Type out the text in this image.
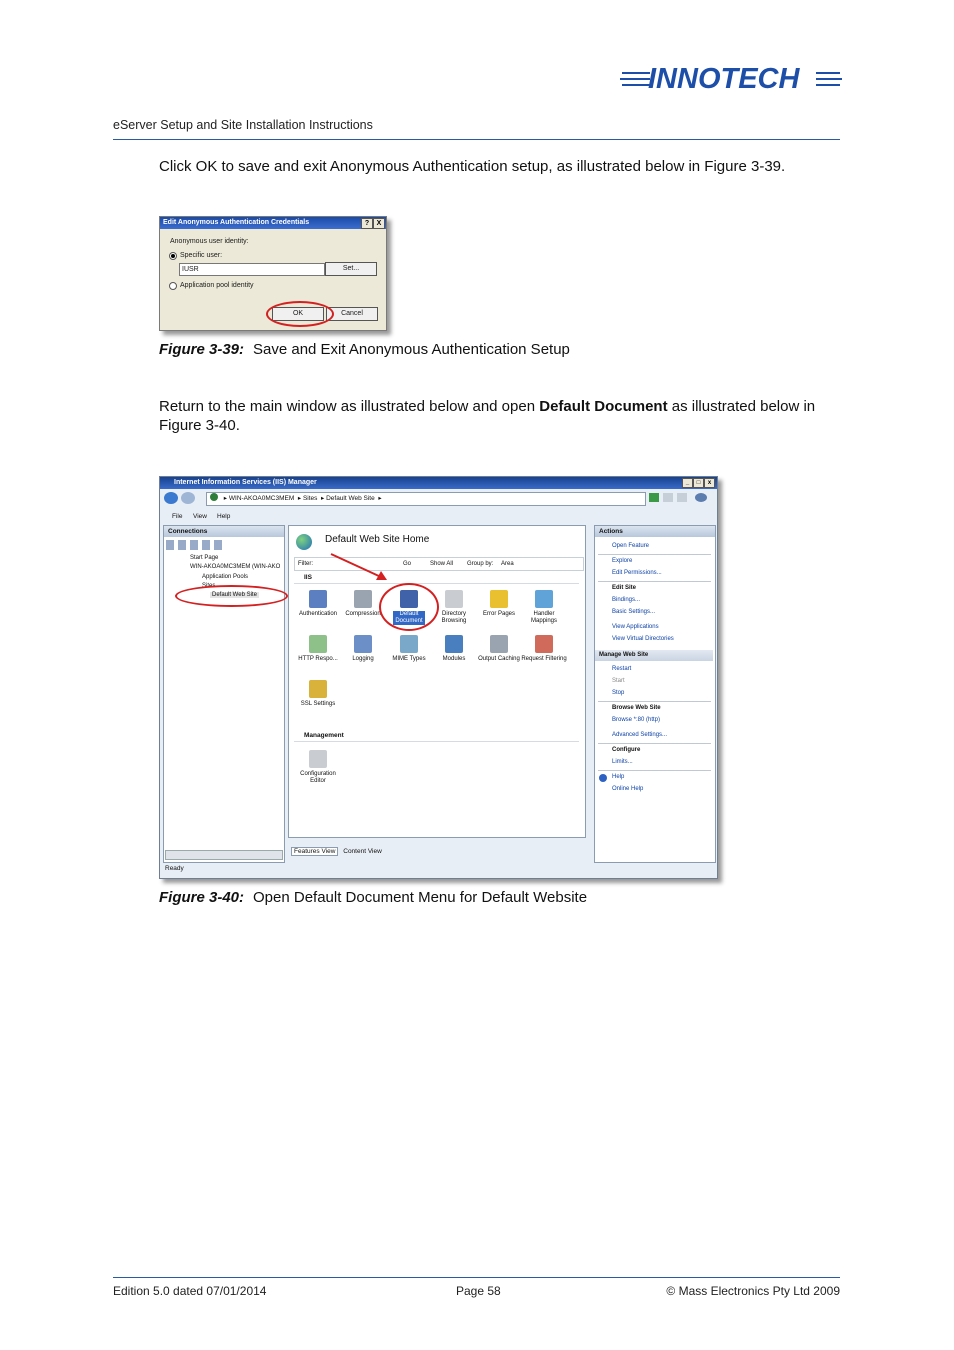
INNOTECH
eServer Setup and Site Installation Instructions
Click OK to save and exit Anonymous Authentication setup, as illustrated below in Figure 3-39.
Edit Anonymous Authentication Credentials	?	X
Anonymous user identity:
Specific user:
IUSR	Set...
Application pool identity
OK	Cancel
Figure 3-39: Save and Exit Anonymous Authentication Setup
Return to the main window as illustrated below and open Default Document as illustrated below in Figure 3-40.
Internet Information Services (IIS) Manager	_	□	x
▸ WIN-AKOA0MC3MEM  ▸ Sites  ▸ Default Web Site  ▸
File View Help
Connections
Start Page
WIN-AKOA0MC3MEM (WIN-AKO
Application Pools
Sites
Default Web Site
Default Web Site Home
Filter:	Go	Show All Group by: Area
IIS
Authentication	Compression	Default Document
Directory Browsing
Error Pages	Handler Mappings
HTTP Respo...	Logging	MIME Types	Modules	Output Caching Request Filtering
SSL Settings
Management
Configuration Editor
Features View Content View
Actions
Open Feature
Explore
Edit Permissions...
Edit Site
Bindings...
Basic Settings...
View Applications
View Virtual Directories
Manage Web Site
Restart
Start
Stop
Browse Web Site
Browse *:80 (http)
Advanced Settings...
Configure
Limits...
Help
Online Help
Ready
Figure 3-40: Open Default Document Menu for Default Website
Edition 5.0 dated 07/01/2014	Page 58	© Mass Electronics Pty Ltd 2009
